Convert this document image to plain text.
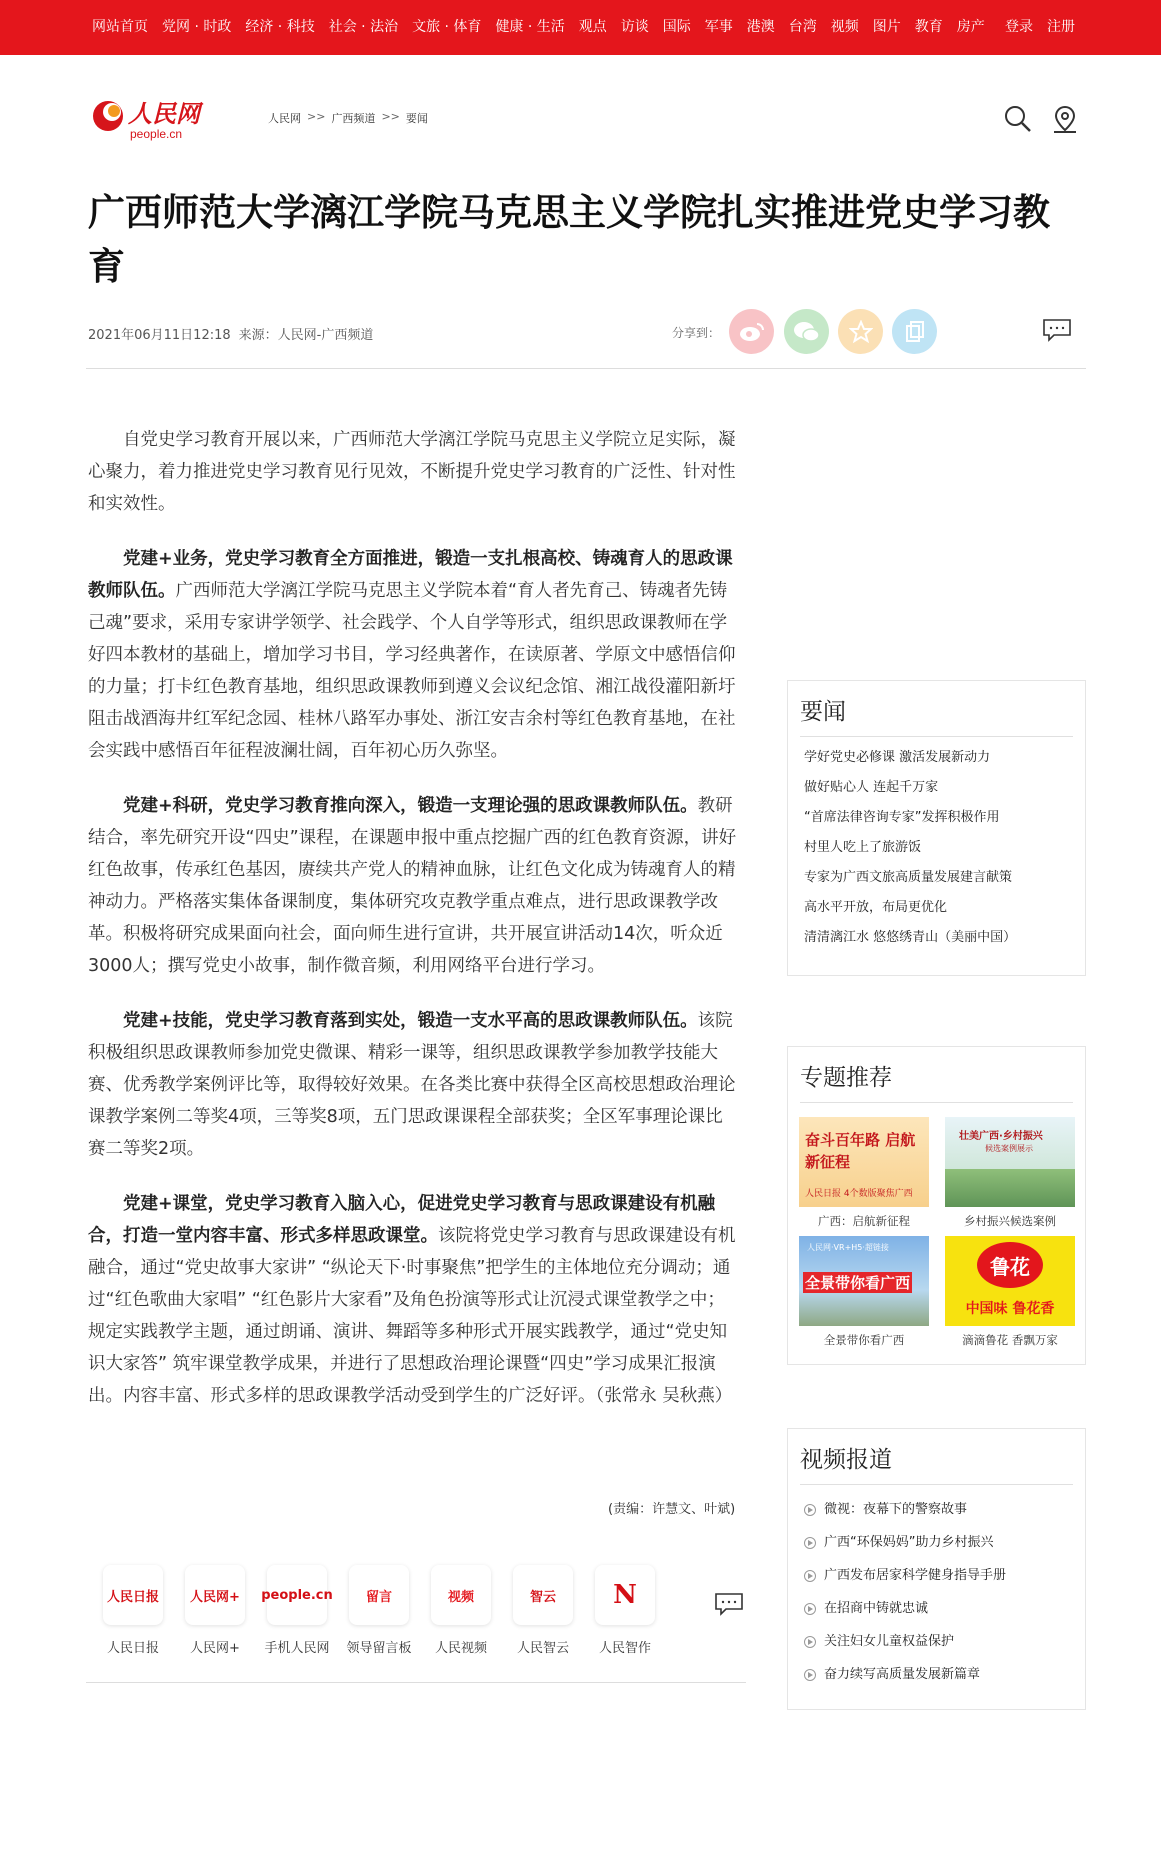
网站首页 党网 · 时政 经济 · 科技 社会 · 法治 文旅 · 体育 健康 · 生活 观点 访谈 国际 军事 港澳 台湾 视频 图片 教育 房产 登录 注册
人民网
people.cn
人民网 >> 广西频道 >> 要闻
广西师范大学漓江学院马克思主义学院扎实推进党史学习教育
2021年06月11日12:18 来源：人民网-广西频道	分享到：

自党史学习教育开展以来，广西师范大学漓江学院马克思主义学院立足实际，凝心聚力，着力推进党史学习教育见行见效，不断提升党史学习教育的广泛性、针对性和实效性。

党建+业务，党史学习教育全方面推进，锻造一支扎根高校、铸魂育人的思政课教师队伍。广西师范大学漓江学院马克思主义学院本着“育人者先育己、铸魂者先铸己魂”要求，采用专家讲学领学、社会践学、个人自学等形式，组织思政课教师在学好四本教材的基础上，增加学习书目，学习经典著作，在读原著、学原文中感悟信仰的力量；打卡红色教育基地，组织思政课教师到遵义会议纪念馆、湘江战役灌阳新圩阻击战酒海井红军纪念园、桂林八路军办事处、浙江安吉余村等红色教育基地，在社会实践中感悟百年征程波澜壮阔，百年初心历久弥坚。

党建+科研，党史学习教育推向深入，锻造一支理论强的思政课教师队伍。教研结合，率先研究开设“四史”课程，在课题申报中重点挖掘广西的红色教育资源，讲好红色故事，传承红色基因，赓续共产党人的精神血脉，让红色文化成为铸魂育人的精神动力。严格落实集体备课制度，集体研究攻克教学重点难点，进行思政课教学改革。积极将研究成果面向社会，面向师生进行宣讲，共开展宣讲活动14次，听众近3000人；撰写党史小故事，制作微音频，利用网络平台进行学习。

党建+技能，党史学习教育落到实处，锻造一支水平高的思政课教师队伍。该院积极组织思政课教师参加党史微课、精彩一课等，组织思政课教学参加教学技能大赛、优秀教学案例评比等，取得较好效果。在各类比赛中获得全区高校思想政治理论课教学案例二等奖4项，三等奖8项，五门思政课课程全部获奖；全区军事理论课比赛二等奖2项。

党建+课堂，党史学习教育入脑入心，促进党史学习教育与思政课建设有机融合，打造一堂内容丰富、形式多样思政课堂。该院将党史学习教育与思政课建设有机融合，通过“党史故事大家讲” “纵论天下·时事聚焦”把学生的主体地位充分调动；通过“红色歌曲大家唱” “红色影片大家看”及角色扮演等形式让沉浸式课堂教学之中；规定实践教学主题，通过朗诵、演讲、舞蹈等多种形式开展实践教学，通过“党史知识大家答” 筑牢课堂教学成果，并进行了思想政治理论课暨“四史”学习成果汇报演出。内容丰富、形式多样的思政课教学活动受到学生的广泛好评。（张常永 吴秋燕）

(责编：许慧文、叶斌)
人民日报
人民日报
人民网+
人民网+
people.cn
手机人民网
留言
领导留言板
视频
人民视频
智云
人民智云
N
人民智作
要闻
学好党史必修课 激活发展新动力
做好贴心人 连起千万家
“首席法律咨询专家”发挥积极作用
村里人吃上了旅游饭
专家为广西文旅高质量发展建言献策
高水平开放，布局更优化
清清漓江水 悠悠绣青山（美丽中国）
专题推荐
奋斗百年路 启航新征程
人民日报 4个数版聚焦广西
广西：启航新征程
壮美广西·乡村振兴
候选案例展示
乡村振兴候选案例
人民网·VR+H5·超链接
全景带你看广西
全景带你看广西
鲁花
中国味 鲁花香
滴滴鲁花 香飘万家
视频报道
微视：夜幕下的警察故事
广西“环保妈妈”助力乡村振兴
广西发布居家科学健身指导手册
在招商中铸就忠诚
关注妇女儿童权益保护
奋力续写高质量发展新篇章
